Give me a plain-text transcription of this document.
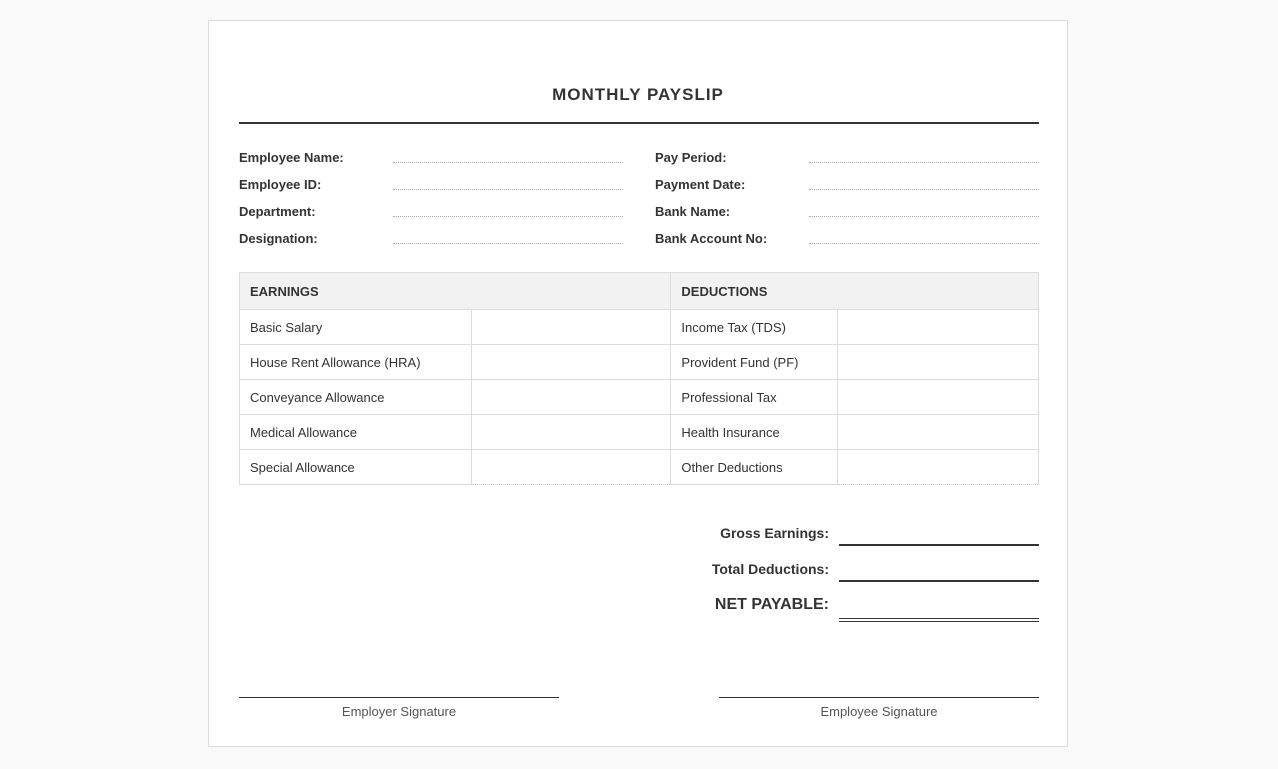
MONTHLY PAYSLIP
Employee Name:
Employee ID:
Department:
Designation:
Pay Period:
Payment Date:
Bank Name:
Bank Account No:
EARNINGS		DEDUCTIONS	
Basic Salary		Income Tax (TDS)	
House Rent Allowance (HRA)		Provident Fund (PF)	
Conveyance Allowance		Professional Tax	
Medical Allowance		Health Insurance	
Special Allowance		Other Deductions	
Gross Earnings:
Total Deductions:
NET PAYABLE:
Employer Signature	Employee Signature
